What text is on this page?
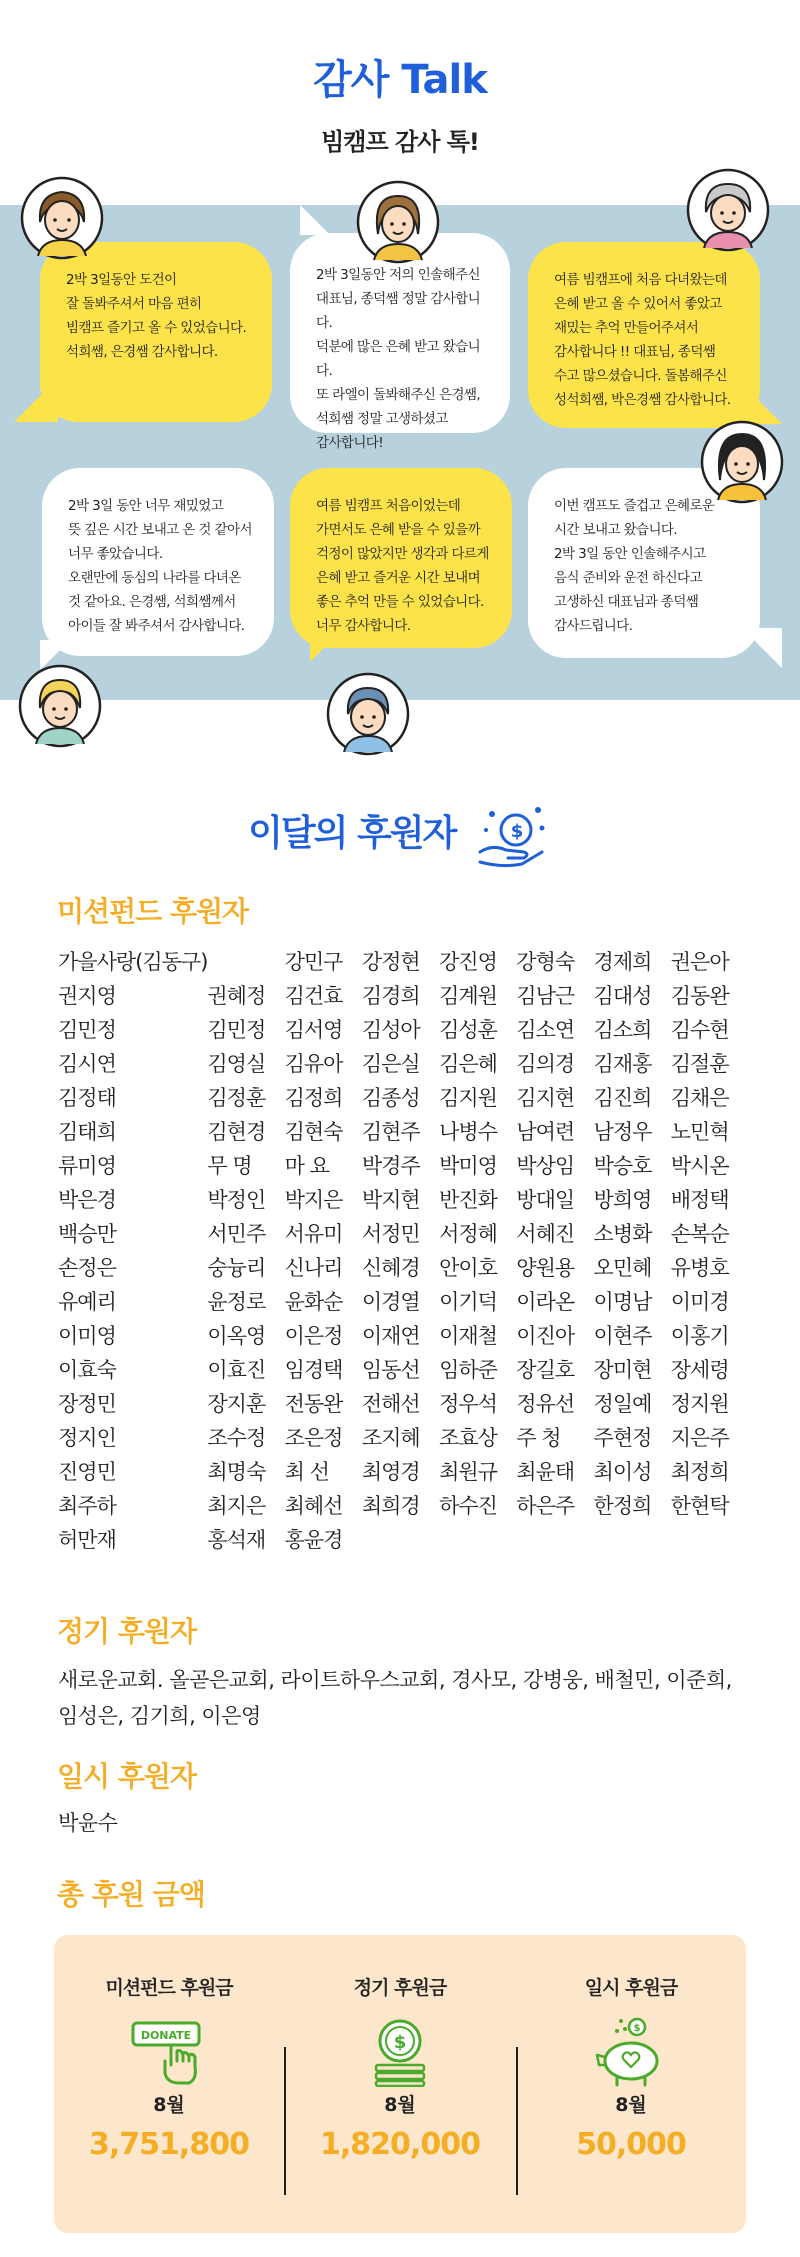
감사 Talk
빔캠프 감사 톡!
2박 3일동안 도건이
잘 돌봐주셔서 마음 편히
빔캠프 즐기고 올 수 있었습니다.
석희쌤, 은경쌤 감사합니다.
2박 3일동안 저의 인솔해주신
대표님, 종덕쌤 정말 감사합니다.
덕분에 많은 은혜 받고 왔습니다.
또 라엘이 돌봐해주신 은경쌤,
석희쌤 정말 고생하셨고
감사합니다!
여름 빔캠프에 처음 다녀왔는데
은혜 받고 올 수 있어서 좋았고
재밌는 추억 만들어주셔서
감사합니다 !! 대표님, 종덕쌤
수고 많으셨습니다. 돌봄해주신
성석희쌤, 박은경쌤 감사합니다.
2박 3일 동안 너무 재밌었고
뜻 깊은 시간 보내고 온 것 같아서
너무 좋았습니다.
오랜만에 동심의 나라를 다녀온
것 같아요. 은경쌤, 석희쌤께서
아이들 잘 봐주셔서 감사합니다.
여름 빔캠프 처음이었는데
가면서도 은혜 받을 수 있을까
걱정이 많았지만 생각과 다르게
은혜 받고 즐거운 시간 보내며
좋은 추억 만들 수 있었습니다.
너무 감사합니다.
이번 캠프도 즐겁고 은혜로운
시간 보내고 왔습니다.
2박 3일 동안 인솔해주시고
음식 준비와 운전 하신다고
고생하신 대표님과 종덕쌤
감사드립니다.
이달의 후원자	$
미션펀드 후원자
가을사랑(김동구)	강민구 강정현 강진영 강형숙 경제희 권은아
권지영	권혜정 김건효 김경희 김계원 김남근 김대성 김동완
김민정	김민정 김서영 김성아 김성훈 김소연 김소희 김수현
김시연	김영실 김유아 김은실 김은혜 김의경 김재홍 김절훈
김정태	김정훈 김정희 김종성 김지원 김지현 김진희 김채은
김태희	김현경 김현숙 김현주 나병수 남여련 남정우 노민혁
류미영	무 명	마 요	박경주 박미영 박상임 박승호 박시온
박은경	박정인 박지은 박지현 반진화 방대일 방희영 배정택
백승만	서민주 서유미 서정민 서정혜 서혜진 소병화 손복순
손정은	숭늉리 신나리 신혜경 안이호 양원용 오민혜 유병호
유예리	윤정로 윤화순 이경열 이기덕 이라온 이명남 이미경
이미영	이옥영 이은정 이재연 이재철 이진아 이현주 이홍기
이효숙	이효진 임경택 임동선 임하준 장길호 장미현 장세령
장정민	장지훈 전동완 전해선 정우석 정유선 정일예 정지원
정지인	조수정 조은정 조지혜 조효상 주 청	주현정 지은주
진영민	최명숙 최 선	최영경 최원규 최윤태 최이성 최정희
최주하	최지은 최혜선 최희경 하수진 하은주 한정희 한현탁
허만재	홍석재 홍윤경
정기 후원자
새로운교회. 올곧은교회, 라이트하우스교회, 경사모, 강병웅, 배철민, 이준희, 임성은, 김기희, 이은영
일시 후원자
박윤수
총 후원 금액
미션펀드 후원금
DONATE
8월
3,751,800
정기 후원금
$
8월
1,820,000
일시 후원금
$
8월
50,000
